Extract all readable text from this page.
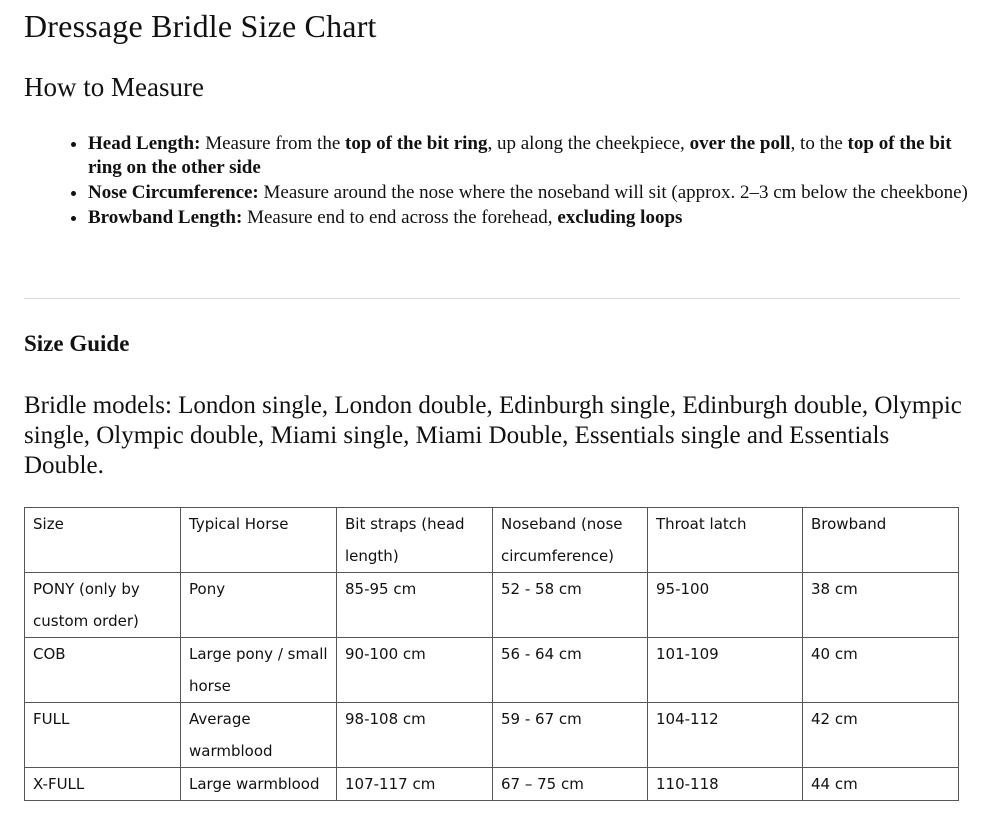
Dressage Bridle Size Chart
How to Measure
• Head Length: Measure from the top of the bit ring, up along the cheekpiece, over the poll, to the top of the bit ring on the other side
• Nose Circumference: Measure around the nose where the noseband will sit (approx. 2–3 cm below the cheekbone)
• Browband Length: Measure end to end across the forehead, excluding loops
Size Guide

Bridle models: London single, London double, Edinburgh single, Edinburgh double, Olympic single, Olympic double, Miami single, Miami Double, Essentials single and Essentials Double.

Size	Typical Horse	Bit straps (head length)	Noseband (nose circumference)	Throat latch	Browband
PONY (only by custom order)	Pony	85-95 cm	52 - 58 cm	95-100	38 cm
COB	Large pony / small horse	90-100 cm	56 - 64 cm	101-109	40 cm
FULL	Average warmblood	98-108 cm	59 - 67 cm	104-112	42 cm
X-FULL	Large warmblood	107-117 cm	67 – 75 cm	110-118	44 cm
